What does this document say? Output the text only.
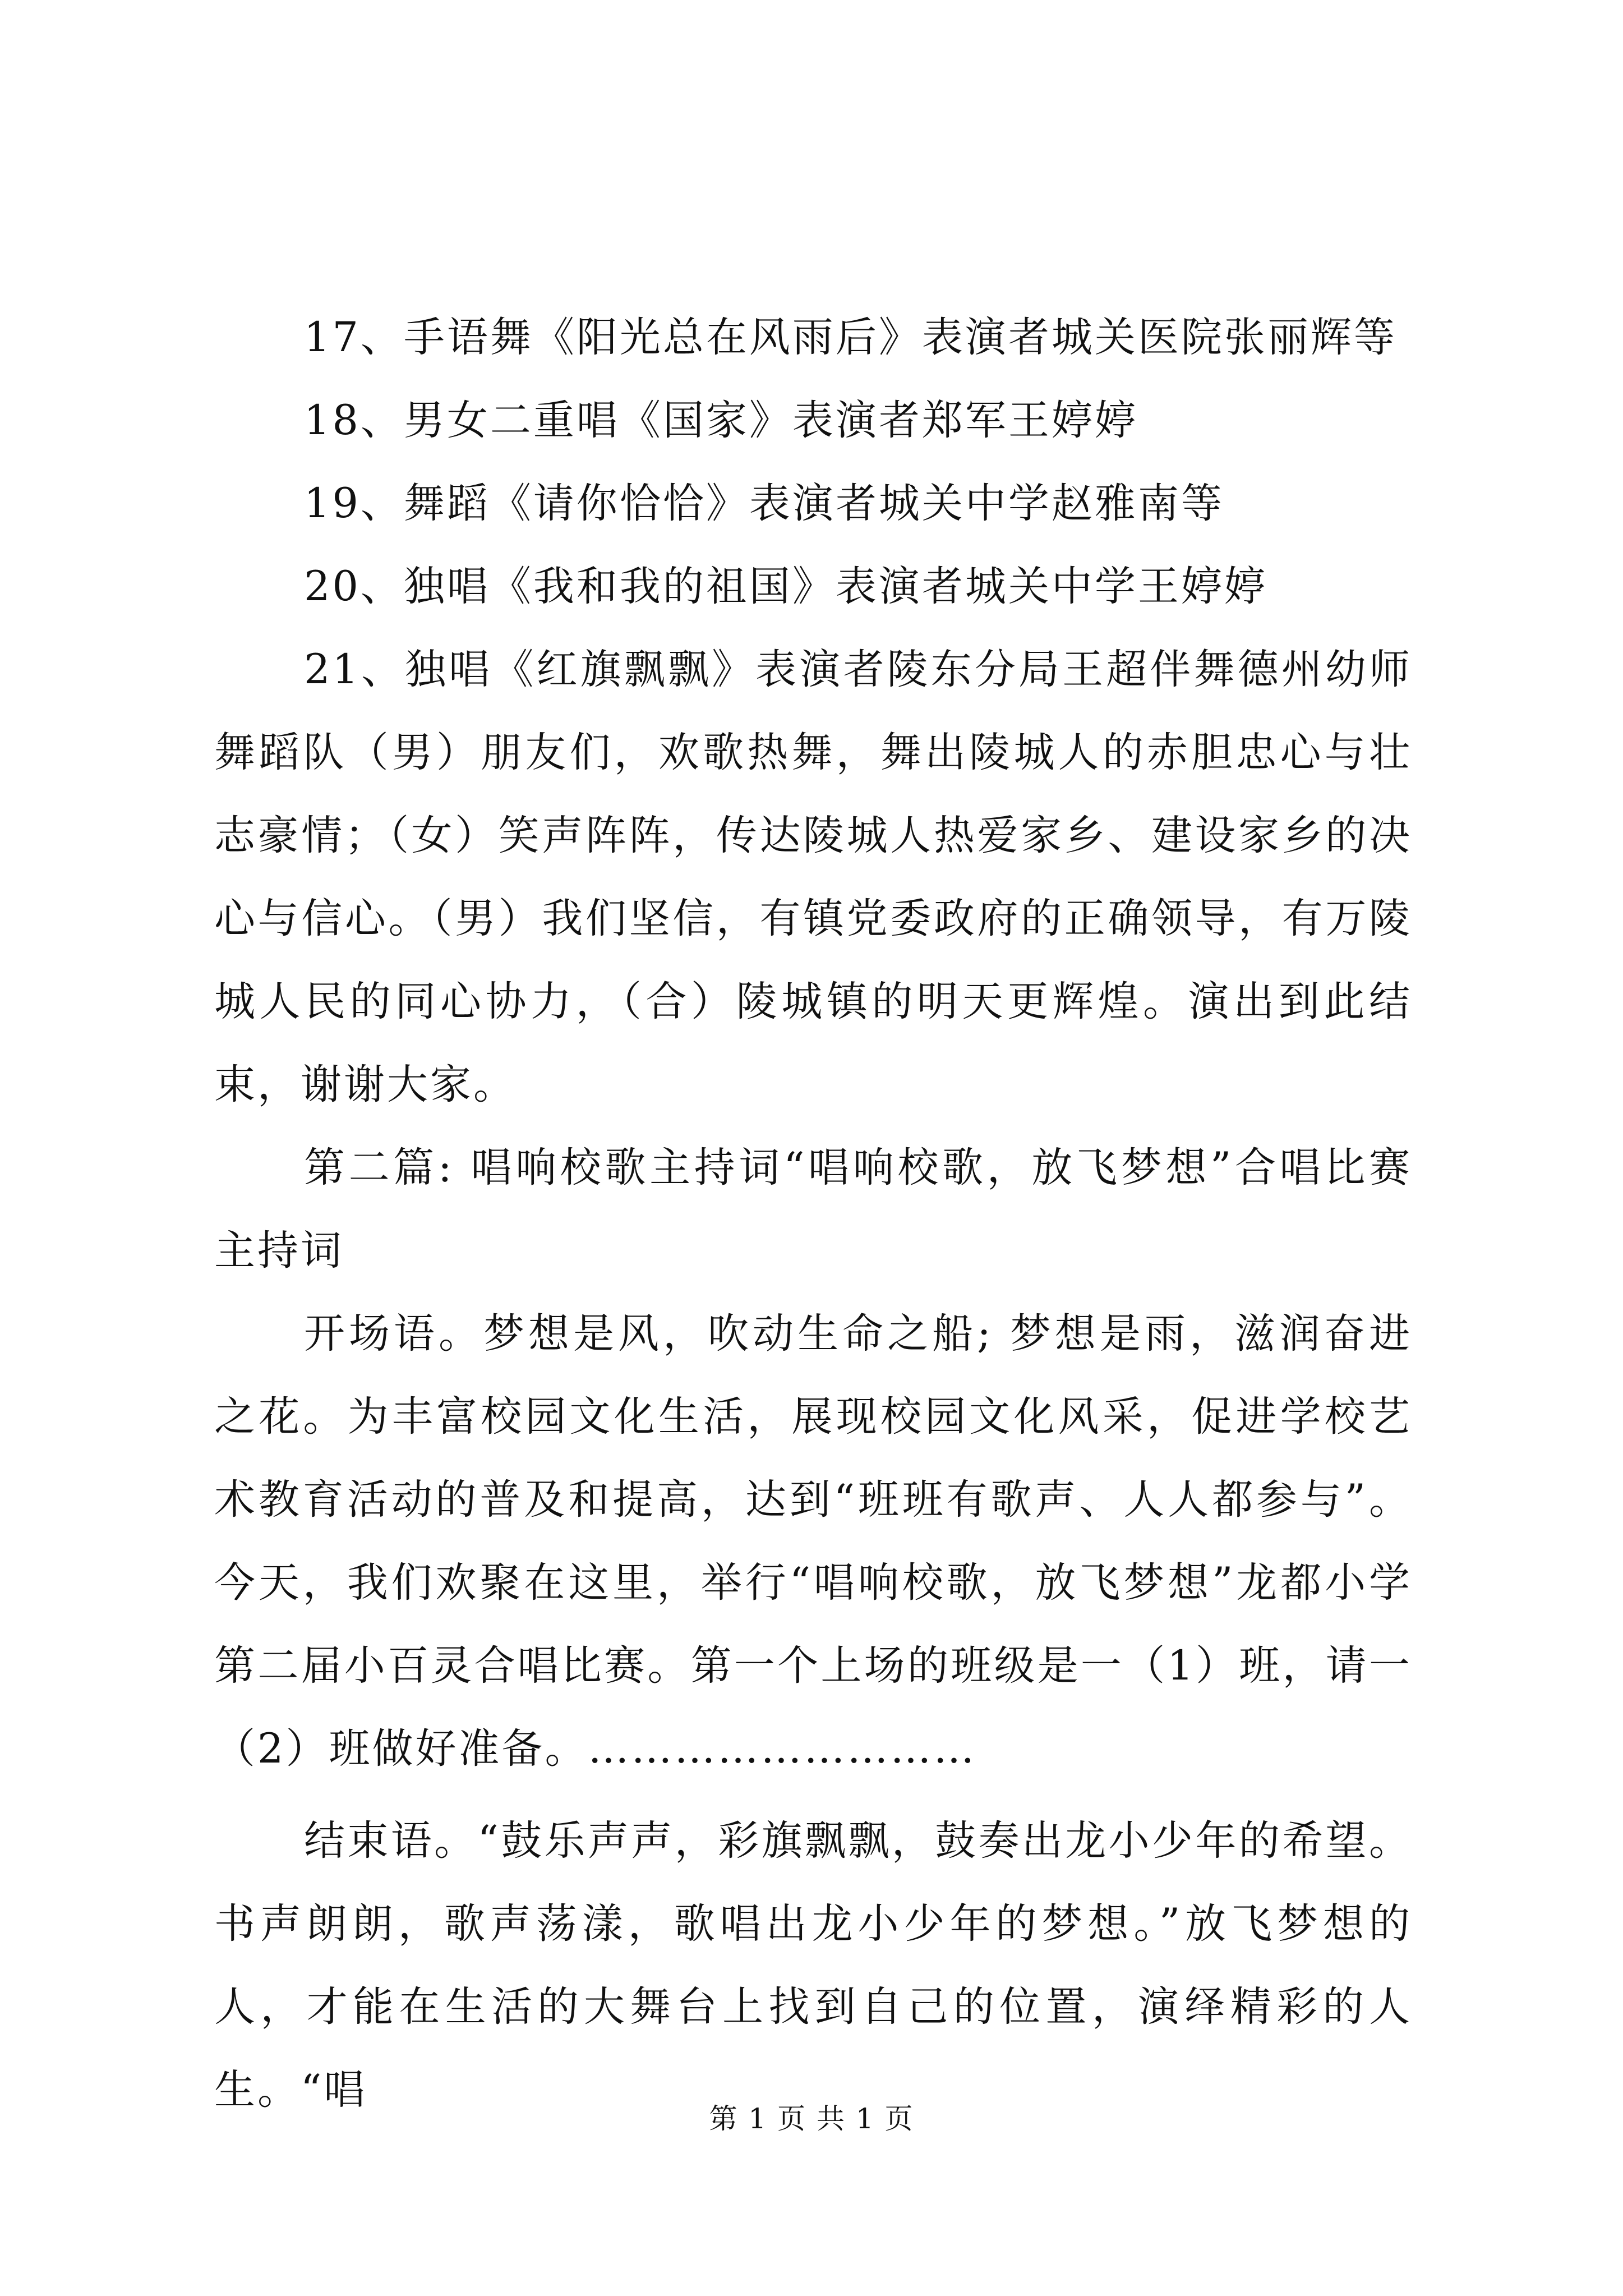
17、手语舞《阳光总在风雨后》表演者城关医院张丽辉等

18、男女二重唱《国家》表演者郑军王婷婷

19、舞蹈《请你恰恰》表演者城关中学赵雅南等

20、独唱《我和我的祖国》表演者城关中学王婷婷

21、独唱《红旗飘飘》表演者陵东分局王超伴舞德州幼师舞蹈队（男）朋友们，欢歌热舞，舞出陵城人的赤胆忠心与壮志豪情；（女）笑声阵阵，传达陵城人热爱家乡、建设家乡的决心与信心。（男）我们坚信，有镇党委政府的正确领导，有万陵城人民的同心协力，（合）陵城镇的明天更辉煌。演出到此结束，谢谢大家。

第二篇: 唱响校歌主持词“唱响校歌，放飞梦想”合唱比赛主持词

开场语。梦想是风，吹动生命之船; 梦想是雨，滋润奋进之花。为丰富校园文化生活，展现校园文化风采，促进学校艺术教育活动的普及和提高，达到“班班有歌声、人人都参与”。今天，我们欢聚在这里，举行“唱响校歌，放飞梦想”龙都小学第二届小百灵合唱比赛。第一个上场的班级是一（1）班，请一（2）班做好准备。………………………

结束语。“鼓乐声声，彩旗飘飘，鼓奏出龙小少年的希望。书声朗朗，歌声荡漾，歌唱出龙小少年的梦想。”放飞梦想的人，才能在生活的大舞台上找到自己的位置，演绎精彩的人生。“唱

第 1 页 共 1 页
